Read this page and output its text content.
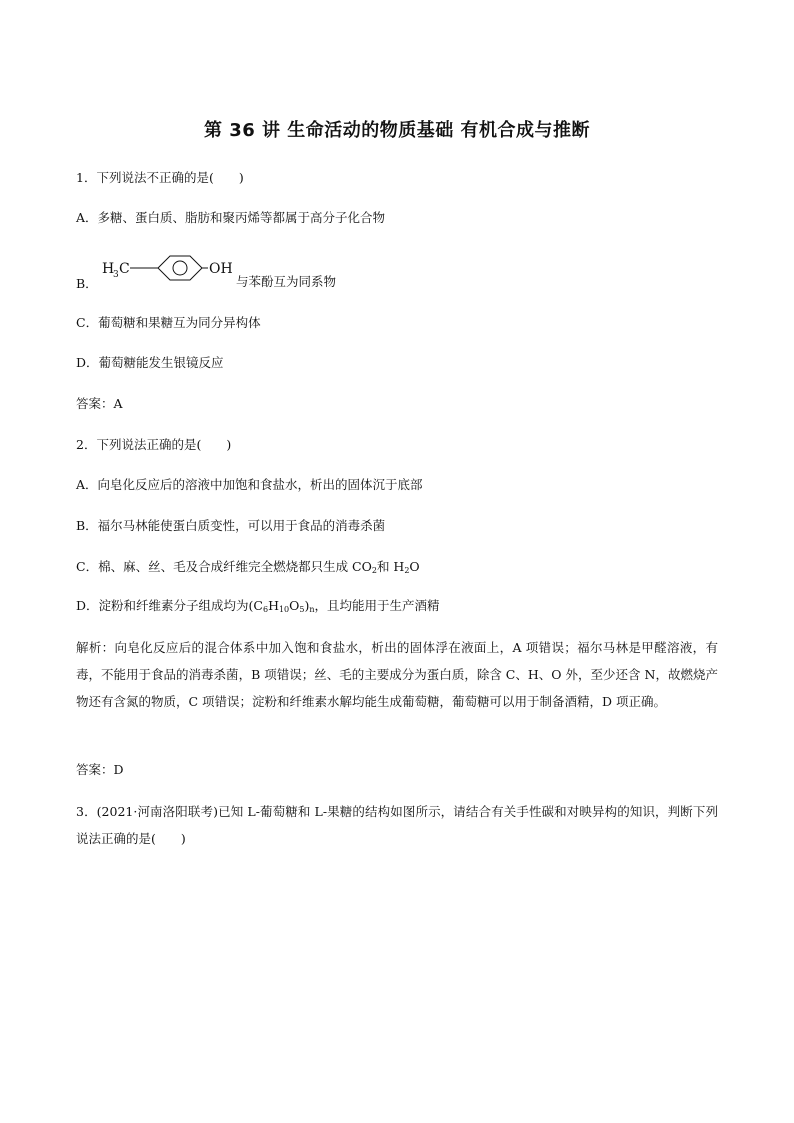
第 36 讲 生命活动的物质基础 有机合成与推断
1．下列说法不正确的是(　　)
A．多糖、蛋白质、脂肪和聚丙烯等都属于高分子化合物
B．
H
3 C	OH
与苯酚互为同系物
C．葡萄糖和果糖互为同分异构体
D．葡萄糖能发生银镜反应
答案：A
2．下列说法正确的是(　　)
A．向皂化反应后的溶液中加饱和食盐水，析出的固体沉于底部
B．福尔马林能使蛋白质变性，可以用于食品的消毒杀菌
C．棉、麻、丝、毛及合成纤维完全燃烧都只生成 $CO_2$和 $H_2O$
D．淀粉和纤维素分子组成均为$(C_6H_{10}O_5)_n$，且均能用于生产酒精
解析：向皂化反应后的混合体系中加入饱和食盐水，析出的固体浮在液面上，A 项错误；福尔马林是甲醛溶液，有毒，不能用于食品的消毒杀菌，B 项错误；丝、毛的主要成分为蛋白质，除含 C、H、O 外，至少还含 N，故燃烧产物还有含氮的物质，C 项错误；淀粉和纤维素水解均能生成葡萄糖，葡萄糖可以用于制备酒精，D 项正确。
答案：D
3．(2021·河南洛阳联考)已知 L-葡萄糖和 L-果糖的结构如图所示，请结合有关手性碳和对映异构的知识，判断下列说法正确的是(　　)
